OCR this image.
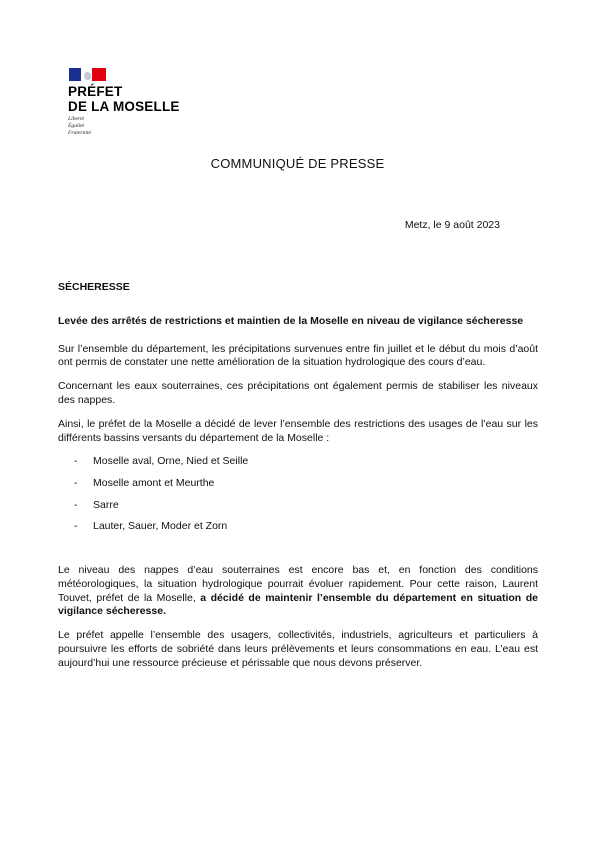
PRÉFET
DE LA MOSELLE
Liberté
Égalité
Fraternité
COMMUNIQUÉ DE PRESSE
Metz, le 9 août 2023
SÉCHERESSE
Levée des arrêtés de restrictions et maintien de la Moselle en niveau de vigilance sécheresse

Sur l’ensemble du département, les précipitations survenues entre fin juillet et le début du mois d’août ont permis de constater une nette amélioration de la situation hydrologique des cours d’eau.

Concernant les eaux souterraines, ces précipitations ont également permis de stabiliser les niveaux des nappes.

Ainsi, le préfet de la Moselle a décidé de lever l’ensemble des restrictions des usages de l’eau sur les différents bassins versants du département de la Moselle :

-	Moselle aval, Orne, Nied et Seille
-	Moselle amont et Meurthe
-	Sarre
-	Lauter, Sauer, Moder et Zorn

Le niveau des nappes d’eau souterraines est encore bas et, en fonction des conditions météorologiques, la situation hydrologique pourrait évoluer rapidement. Pour cette raison, Laurent Touvet, préfet de la Moselle, a décidé de maintenir l’ensemble du département en situation de vigilance sécheresse.

Le préfet appelle l’ensemble des usagers, collectivités, industriels, agriculteurs et particuliers à poursuivre les efforts de sobriété dans leurs prélèvements et leurs consommations en eau. L’eau est aujourd’hui une ressource précieuse et périssable que nous devons préserver.
